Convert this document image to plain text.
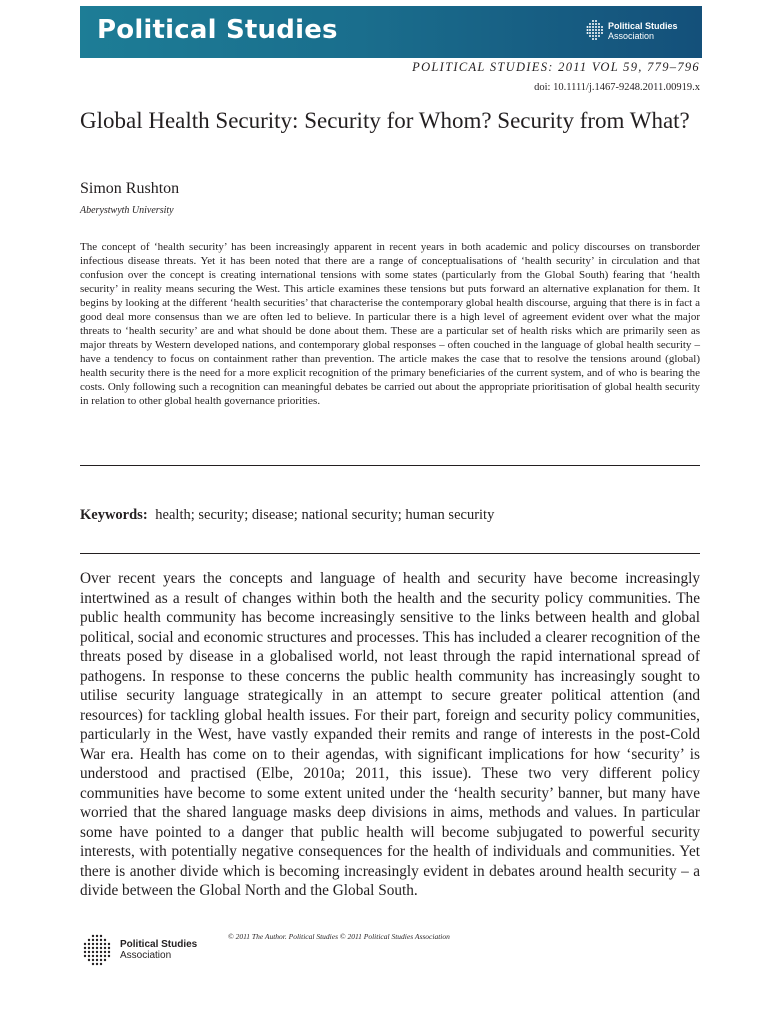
Political Studies	Political Studies
Association
POLITICAL STUDIES: 2011 VOL 59, 779–796
doi: 10.1111/j.1467-9248.2011.00919.x
Global Health Security: Security for Whom? Security from What?
Simon Rushton
Aberystwyth University

The concept of ‘health security’ has been increasingly apparent in recent years in both academic and policy discourses on transborder infectious disease threats. Yet it has been noted that there are a range of conceptualisations of ‘health security’ in circulation and that confusion over the concept is creating international tensions with some states (particularly from the Global South) fearing that ‘health security’ in reality means securing the West. This article examines these tensions but puts forward an alternative explanation for them. It begins by looking at the different ‘health securities’ that characterise the contemporary global health discourse, arguing that there is in fact a good deal more consensus than we are often led to believe. In particular there is a high level of agreement evident over what the major threats to ‘health security’ are and what should be done about them. These are a particular set of health risks which are primarily seen as major threats by Western developed nations, and contemporary global responses – often couched in the language of global health security – have a tendency to focus on containment rather than prevention. The article makes the case that to resolve the tensions around (global) health security there is the need for a more explicit recognition of the primary beneficiaries of the current system, and of who is bearing the costs. Only following such a recognition can meaningful debates be carried out about the appropriate prioritisation of global health security in relation to other global health governance priorities.

Keywords: health; security; disease; national security; human security

Over recent years the concepts and language of health and security have become increasingly intertwined as a result of changes within both the health and the security policy communities. The public health community has become increasingly sensitive to the links between health and global political, social and economic structures and processes. This has included a clearer recognition of the threats posed by disease in a globalised world, not least through the rapid international spread of pathogens. In response to these concerns the public health community has increasingly sought to utilise security language strategically in an attempt to secure greater political attention (and resources) for tackling global health issues. For their part, foreign and security policy communities, particularly in the West, have vastly expanded their remits and range of interests in the post-Cold War era. Health has come on to their agendas, with significant implications for how ‘security’ is understood and practised (Elbe, 2010a; 2011, this issue). These two very different policy communities have become to some extent united under the ‘health security’ banner, but many have worried that the shared language masks deep divisions in aims, methods and values. In particular some have pointed to a danger that public health will become subjugated to powerful security interests, with potentially negative consequences for the health of individuals and communities. Yet there is another divide which is becoming increasingly evident in debates around health security – a divide between the Global North and the Global South.

Political Studies
Association
© 2011 The Author. Political Studies © 2011 Political Studies Association
